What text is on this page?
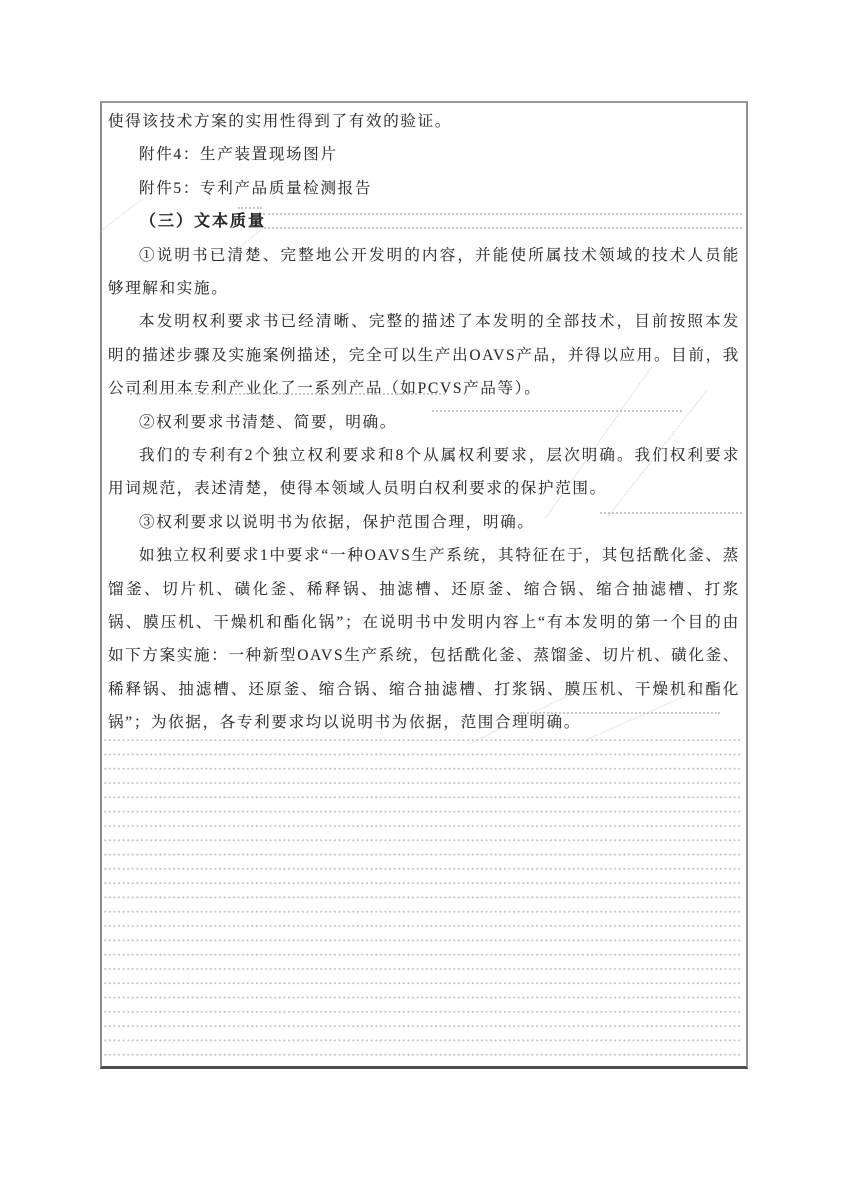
使得该技术方案的实用性得到了有效的验证。

附件4：生产装置现场图片

附件5：专利产品质量检测报告

（三）文本质量

①说明书已清楚、完整地公开发明的内容，并能使所属技术领域的技术人员能够理解和实施。

本发明权利要求书已经清晰、完整的描述了本发明的全部技术，目前按照本发明的描述步骤及实施案例描述，完全可以生产出OAVS产品，并得以应用。目前，我公司利用本专利产业化了一系列产品（如PCVS产品等）。

②权利要求书清楚、简要，明确。

我们的专利有2个独立权利要求和8个从属权利要求，层次明确。我们权利要求用词规范，表述清楚，使得本领域人员明白权利要求的保护范围。

③权利要求以说明书为依据，保护范围合理，明确。

如独立权利要求1中要求“一种OAVS生产系统，其特征在于，其包括酰化釜、蒸馏釜、切片机、磺化釜、稀释锅、抽滤槽、还原釜、缩合锅、缩合抽滤槽、打浆锅、膜压机、干燥机和酯化锅”；在说明书中发明内容上“有本发明的第一个目的由如下方案实施：一种新型OAVS生产系统，包括酰化釜、蒸馏釜、切片机、磺化釜、稀释锅、抽滤槽、还原釜、缩合锅、缩合抽滤槽、打浆锅、膜压机、干燥机和酯化锅”；为依据，各专利要求均以说明书为依据，范围合理明确。
